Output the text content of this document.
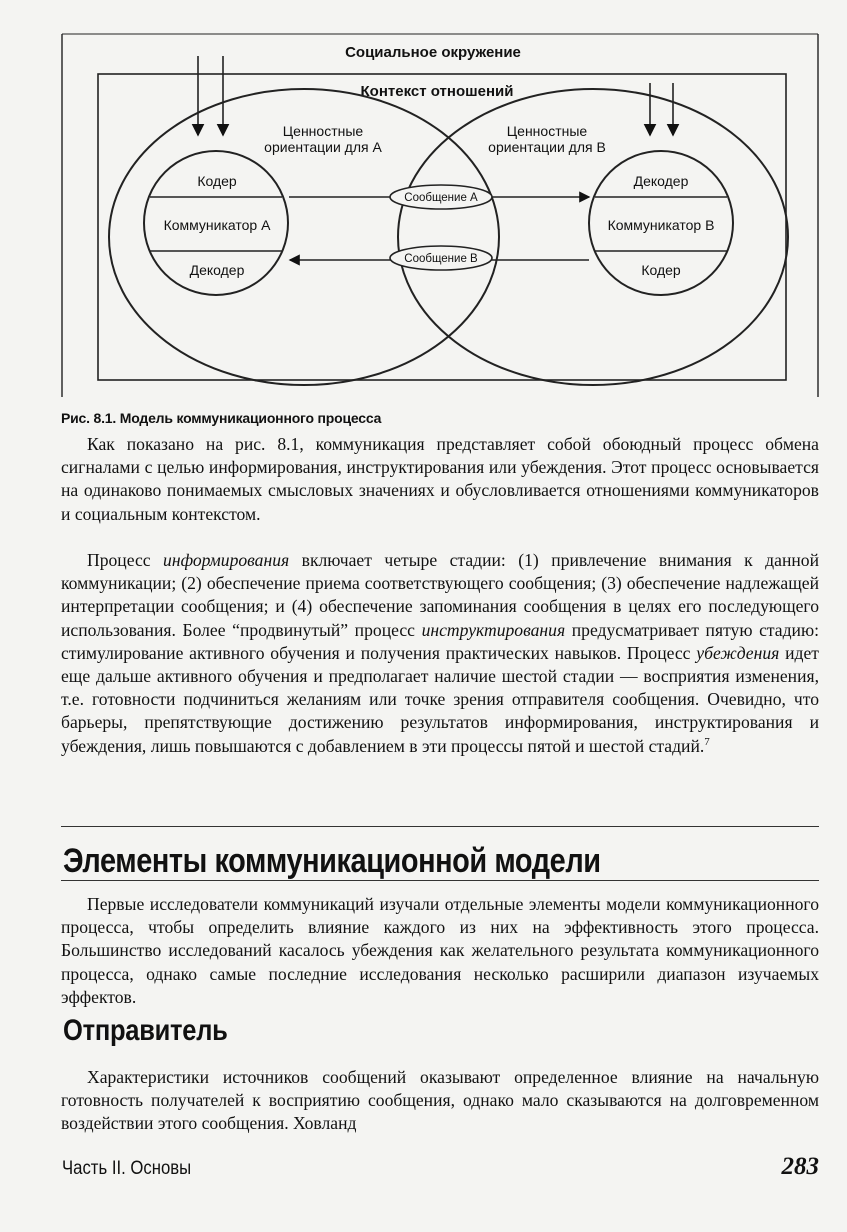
Социальное окружение
Контекст отношений
Ценностные
ориентации для А
Ценностные
ориентации для В
Кодер
Коммуникатор А
Декодер
Декодер
Коммуникатор В
Кодер
Сообщение А
Сообщение В
Рис. 8.1. Модель коммуникационного процесса

Как показано на рис. 8.1, коммуникация представляет собой обоюдный процесс обмена сигналами с целью информирования, инструктирования или убеждения. Этот процесс основывается на одинаково понимаемых смысловых значениях и обусловливается отношениями коммуникаторов и социальным контекстом.

Процесс информирования включает четыре стадии: (1) привлечение внимания к данной коммуникации; (2) обеспечение приема соответствующего сообщения; (3) обеспечение надлежащей интерпретации сообщения; и (4) обеспечение запоминания сообщения в целях его последующего использования. Более “продвинутый” процесс инструктирования предусматривает пятую стадию: стимулирование активного обучения и получения практических навыков. Процесс убеждения идет еще дальше активного обучения и предполагает наличие шестой стадии — восприятия изменения, т.е. готовности подчиниться желаниям или точке зрения отправителя сообщения. Очевидно, что барьеры, препятствующие достижению результатов информирования, инструктирования и убеждения, лишь повышаются с добавлением в эти процессы пятой и шестой стадий.$^7$

Элементы коммуникационной модели

Первые исследователи коммуникаций изучали отдельные элементы модели коммуникационного процесса, чтобы определить влияние каждого из них на эффективность этого процесса. Большинство исследований касалось убеждения как желательного результата коммуникационного процесса, однако самые последние исследования несколько расширили диапазон изучаемых эффектов.

Отправитель

Характеристики источников сообщений оказывают определенное влияние на начальную готовность получателей к восприятию сообщения, однако мало сказываются на долговременном воздействии этого сообщения. Ховланд

Часть II. Основы	283
